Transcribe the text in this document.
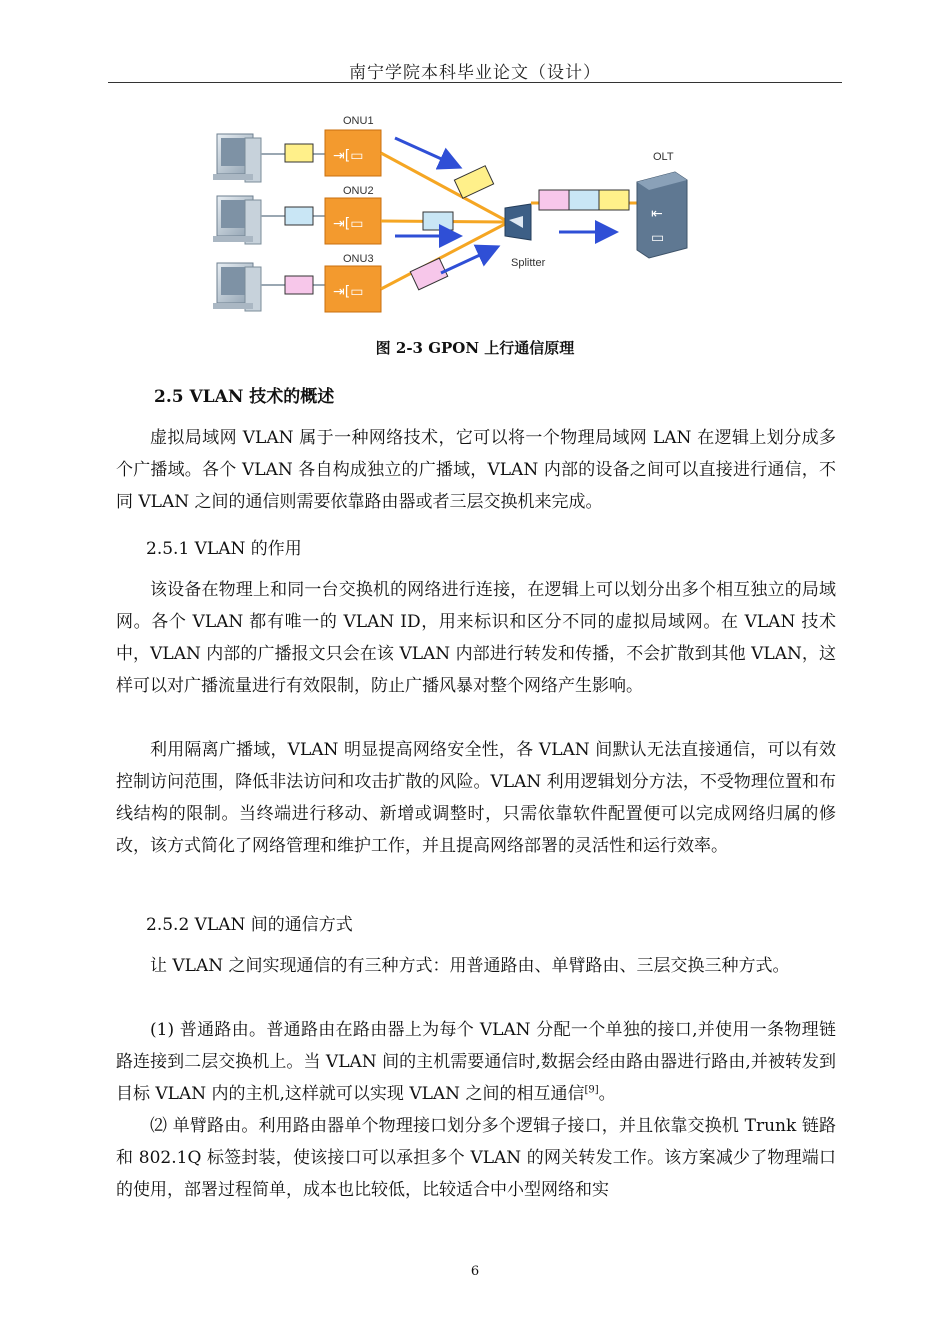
南宁学院本科毕业论文（设计）
ONU1
ONU2
ONU3
⇥[▭
⇥[▭
⇥[▭
Splitter
OLT
⇤
▭
图 2-3 GPON 上行通信原理
2.5 VLAN 技术的概述
虚拟局域网 VLAN 属于一种网络技术，它可以将一个物理局域网 LAN 在逻辑上划分成多个广播域。各个 VLAN 各自构成独立的广播域，VLAN 内部的设备之间可以直接进行通信，不同 VLAN 之间的通信则需要依靠路由器或者三层交换机来完成。
2.5.1 VLAN 的作用
该设备在物理上和同一台交换机的网络进行连接，在逻辑上可以划分出多个相互独立的局域网。各个 VLAN 都有唯一的 VLAN ID，用来标识和区分不同的虚拟局域网。在 VLAN 技术中，VLAN 内部的广播报文只会在该 VLAN 内部进行转发和传播，不会扩散到其他 VLAN，这样可以对广播流量进行有效限制，防止广播风暴对整个网络产生影响。
利用隔离广播域，VLAN 明显提高网络安全性，各 VLAN 间默认无法直接通信，可以有效控制访问范围，降低非法访问和攻击扩散的风险。VLAN 利用逻辑划分方法，不受物理位置和布线结构的限制。当终端进行移动、新增或调整时，只需依靠软件配置便可以完成网络归属的修改，该方式简化了网络管理和维护工作，并且提高网络部署的灵活性和运行效率。
2.5.2 VLAN 间的通信方式
让 VLAN 之间实现通信的有三种方式：用普通路由、单臂路由、三层交换三种方式。
(1) 普通路由。普通路由在路由器上为每个 VLAN 分配一个单独的接口,并使用一条物理链路连接到二层交换机上。当 VLAN 间的主机需要通信时,数据会经由路由器进行路由,并被转发到目标 VLAN 内的主机,这样就可以实现 VLAN 之间的相互通信[9]。
⑵ 单臂路由。利用路由器单个物理接口划分多个逻辑子接口，并且依靠交换机 Trunk 链路和 802.1Q 标签封装，使该接口可以承担多个 VLAN 的网关转发工作。该方案减少了物理端口的使用，部署过程简单，成本也比较低，比较适合中小型网络和实
6
